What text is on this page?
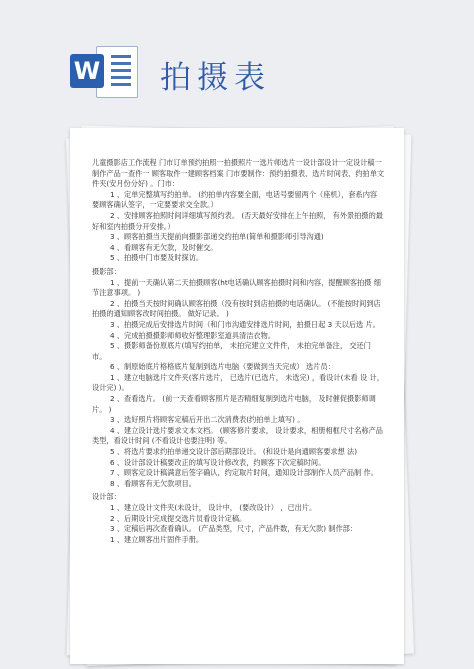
W 拍摄表

儿童摄影店工作流程 门市订单预约拍照一拍摄照片一选片师选片一设计部设计一定设计稿一制作产品一查件一 顾客取件一建顾客档案 门市要制作：预约拍摄表、选片时间表、约拍单文件夹(安月份分好) 。门市：

1 、定单完整填写约拍单。 (约拍单内容要全面，电话号要留两个（座机），套系内容 要顾客确认签字，一定要要求交全款。）

2 、安排顾客拍照时间详细填写预约表。 (否天最好安排在上午拍照， 有外景拍摄的最 好和室内拍摄分开安排。）

3 、顾客拍摄当天提前向摄影部递交约拍单(简单和摄影师引导沟通)

4 、看顾客有无欠款，及时催交。

5 、拍摄中门市要及时探访。

摄影部：

1 、提前一天确认第二天拍摄顾客(ht电话确认顾客拍摄时间和内容，提醒顾客拍摄 细节注意事项。 )

2 、拍摄当天按时间确认顾客拍摄（没有按时到店拍摄的电话确认。 (不能按时间到店 拍摄的通知顾客改时间拍摄。 做好记录。 )

3 、拍摄完成后安排选片时间（和门市沟通安排选片时间，拍摄日起 3 天以后选 片。

4 、完成拍摄摄影师师收好整理影室道具清洁衣物。

5 、摄影师备份原底片(填写约拍单， 未拍完建立文件件， 未拍完单备注， 交还门 市。

6 、制原始底片格格底片复制到选片电脑（要做到当天完成） 选片员：

1 、建立电脑选片文件夹(客片选片， 已选片(已选片， 未选完) ，看设计(未看 设 计，设计完) )。

2 、查看选片。 (前一天查看顾客照片是否精细复制到选片电脑， 及时催促摄影师调片。 )

3 、选好照片将顾客定稿后开出二次消费表(约拍单上填写) 。

4 、建立设计选片要求文本文档。 (顾客修片要求， 设计要求，相册相框尺寸名称产品 类型，看设计时间 (不看设计也要注明) 等。

5 、将选片要求约拍单递交设计部后期部设计。 (和设计是向通顾客要求想 法)

6 、设计部设计稿要改正的填写设计修改表，约顾客下次定稿时间。

7 、顾客定设计稿满意后签字确认，约定取片时间，通知设计部制作人员产品制 作。

8 、看顾客有无欠款项目。

设计部：

1 、建立设计文件夹(未设计， 设计中， (要改设计） ，已出片。

2 、后期设计完成提交选片员看设计定稿。

3 、定稿后再次查看确认。 (产品类型，尺寸，产品件数，有无欠款) 制作部：

1 、建立顾客出片固件手册。
